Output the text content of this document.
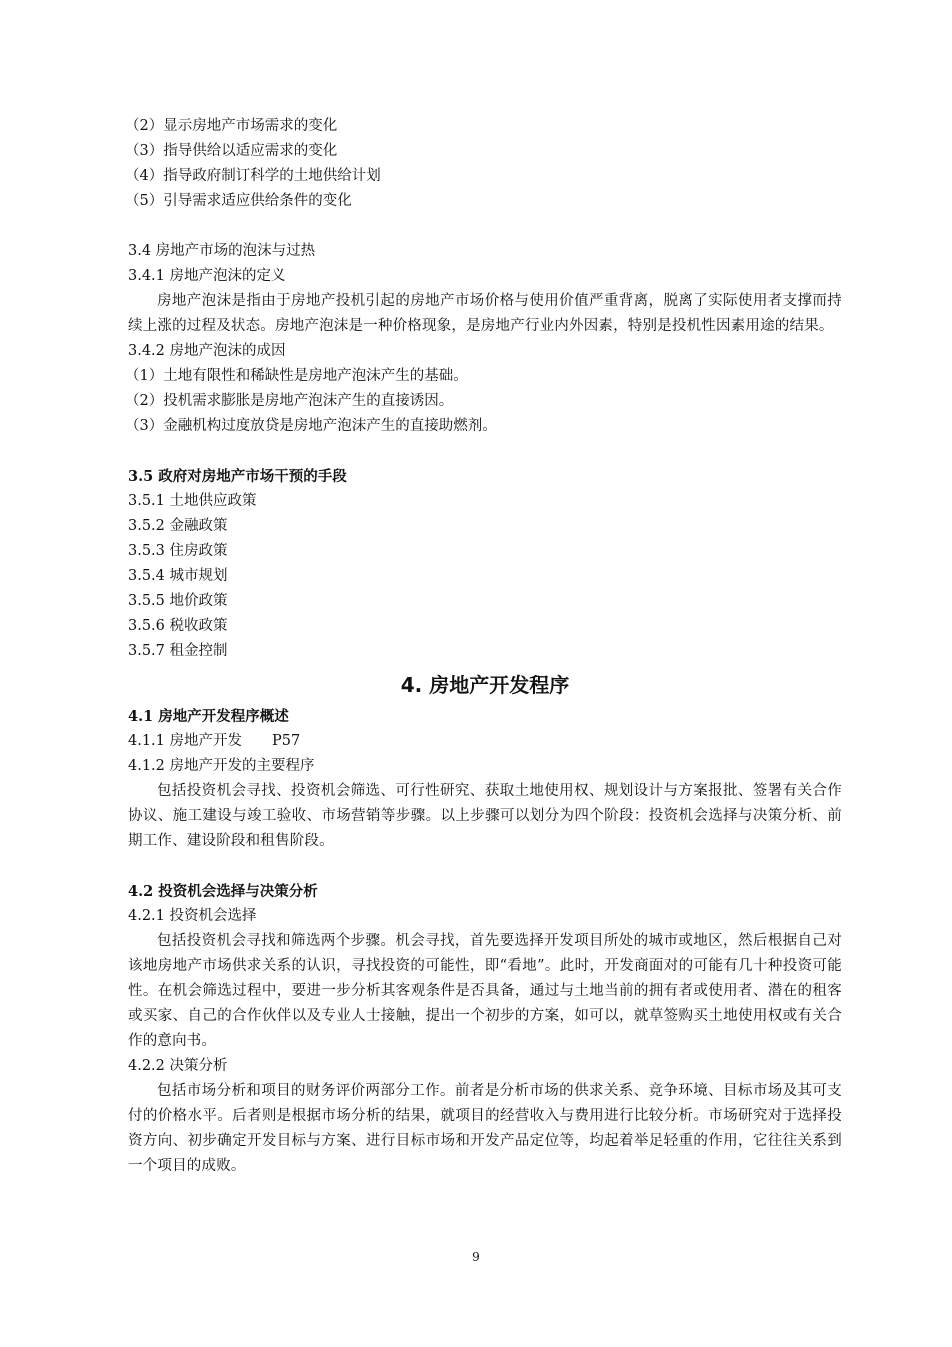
（2）显示房地产市场需求的变化
（3）指导供给以适应需求的变化
（4）指导政府制订科学的土地供给计划
（5）引导需求适应供给条件的变化
3.4 房地产市场的泡沫与过热
3.4.1 房地产泡沫的定义
房地产泡沫是指由于房地产投机引起的房地产市场价格与使用价值严重背离，脱离了实际使用者支撑而持续上涨的过程及状态。房地产泡沫是一种价格现象，是房地产行业内外因素，特别是投机性因素用途的结果。
3.4.2 房地产泡沫的成因
（1）土地有限性和稀缺性是房地产泡沫产生的基础。
（2）投机需求膨胀是房地产泡沫产生的直接诱因。
（3）金融机构过度放贷是房地产泡沫产生的直接助燃剂。
3.5 政府对房地产市场干预的手段
3.5.1 土地供应政策
3.5.2 金融政策
3.5.3 住房政策
3.5.4 城市规划
3.5.5 地价政策
3.5.6 税收政策
3.5.7 租金控制
4. 房地产开发程序
4.1 房地产开发程序概述
4.1.1 房地产开发 P57
4.1.2 房地产开发的主要程序
包括投资机会寻找、投资机会筛选、可行性研究、获取土地使用权、规划设计与方案报批、签署有关合作协议、施工建设与竣工验收、市场营销等步骤。以上步骤可以划分为四个阶段：投资机会选择与决策分析、前期工作、建设阶段和租售阶段。
4.2 投资机会选择与决策分析
4.2.1 投资机会选择
包括投资机会寻找和筛选两个步骤。机会寻找，首先要选择开发项目所处的城市或地区，然后根据自己对该地房地产市场供求关系的认识，寻找投资的可能性，即“看地”。此时，开发商面对的可能有几十种投资可能性。在机会筛选过程中，要进一步分析其客观条件是否具备，通过与土地当前的拥有者或使用者、潜在的租客或买家、自己的合作伙伴以及专业人士接触，提出一个初步的方案，如可以，就草签购买土地使用权或有关合作的意向书。
4.2.2 决策分析
包括市场分析和项目的财务评价两部分工作。前者是分析市场的供求关系、竞争环境、目标市场及其可支付的价格水平。后者则是根据市场分析的结果，就项目的经营收入与费用进行比较分析。市场研究对于选择投资方向、初步确定开发目标与方案、进行目标市场和开发产品定位等，均起着举足轻重的作用，它往往关系到一个项目的成败。
9
